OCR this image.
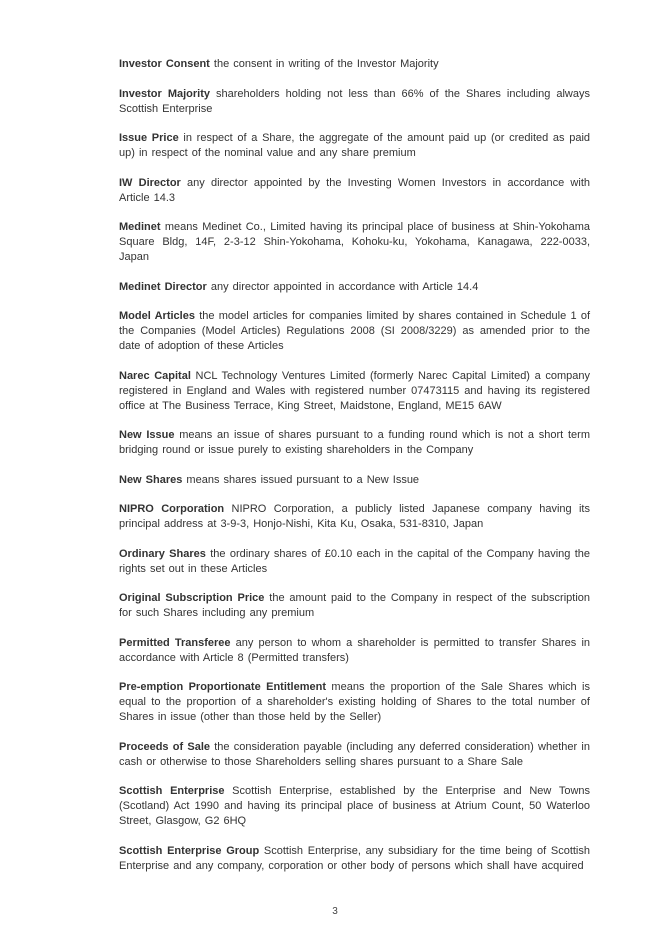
Investor Consent the consent in writing of the Investor Majority

Investor Majority shareholders holding not less than 66% of the Shares including always Scottish Enterprise

Issue Price in respect of a Share, the aggregate of the amount paid up (or credited as paid up) in respect of the nominal value and any share premium

IW Director any director appointed by the Investing Women Investors in accordance with Article 14.3

Medinet means Medinet Co., Limited having its principal place of business at Shin-Yokohama Square Bldg, 14F, 2-3-12 Shin-Yokohama, Kohoku-ku, Yokohama, Kanagawa, 222-0033, Japan

Medinet Director any director appointed in accordance with Article 14.4

Model Articles the model articles for companies limited by shares contained in Schedule 1 of the Companies (Model Articles) Regulations 2008 (SI 2008/3229) as amended prior to the date of adoption of these Articles

Narec Capital NCL Technology Ventures Limited (formerly Narec Capital Limited) a company registered in England and Wales with registered number 07473115 and having its registered office at The Business Terrace, King Street, Maidstone, England, ME15 6AW

New Issue means an issue of shares pursuant to a funding round which is not a short term bridging round or issue purely to existing shareholders in the Company

New Shares means shares issued pursuant to a New Issue

NIPRO Corporation NIPRO Corporation, a publicly listed Japanese company having its principal address at 3-9-3, Honjo-Nishi, Kita Ku, Osaka, 531-8310, Japan

Ordinary Shares the ordinary shares of £0.10 each in the capital of the Company having the rights set out in these Articles

Original Subscription Price the amount paid to the Company in respect of the subscription for such Shares including any premium

Permitted Transferee any person to whom a shareholder is permitted to transfer Shares in accordance with Article 8 (Permitted transfers)

Pre-emption Proportionate Entitlement means the proportion of the Sale Shares which is equal to the proportion of a shareholder's existing holding of Shares to the total number of Shares in issue (other than those held by the Seller)

Proceeds of Sale the consideration payable (including any deferred consideration) whether in cash or otherwise to those Shareholders selling shares pursuant to a Share Sale

Scottish Enterprise Scottish Enterprise, established by the Enterprise and New Towns (Scotland) Act 1990 and having its principal place of business at Atrium Count, 50 Waterloo Street, Glasgow, G2 6HQ

Scottish Enterprise Group Scottish Enterprise, any subsidiary for the time being of Scottish Enterprise and any company, corporation or other body of persons which shall have acquired

3
